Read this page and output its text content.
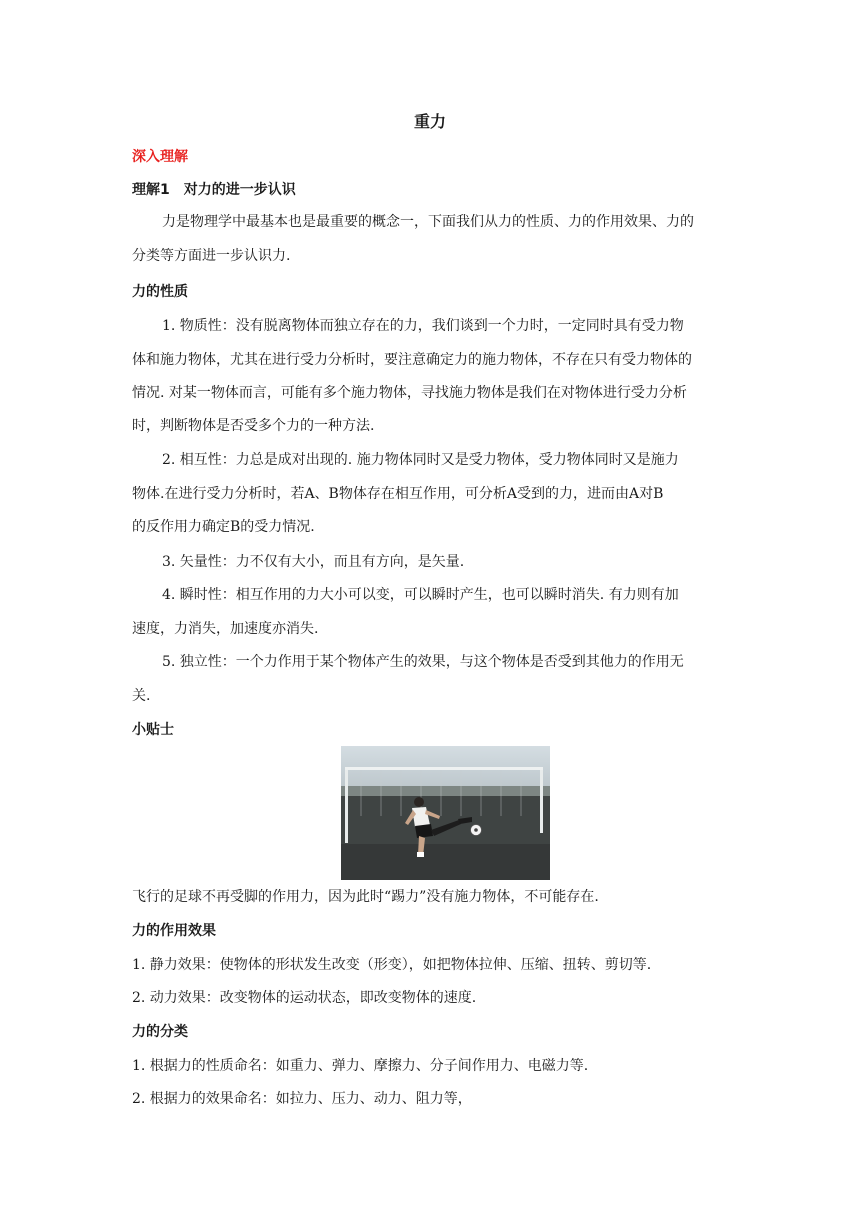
重力
深入理解
理解1　对力的进一步认识
力是物理学中最基本也是最重要的概念一，下面我们从力的性质、力的作用效果、力的
分类等方面进一步认识力.
力的性质
1. 物质性：没有脱离物体而独立存在的力，我们谈到一个力时，一定同时具有受力物
体和施力物体，尤其在进行受力分析时，要注意确定力的施力物体，不存在只有受力物体的
情况. 对某一物体而言，可能有多个施力物体，寻找施力物体是我们在对物体进行受力分析
时，判断物体是否受多个力的一种方法.
2. 相互性：力总是成对出现的. 施力物体同时又是受力物体，受力物体同时又是施力
物体.在进行受力分析时，若A、B物体存在相互作用，可分析A受到的力，进而由A对B
的反作用力确定B的受力情况.
3. 矢量性：力不仅有大小，而且有方向，是矢量.
4. 瞬时性：相互作用的力大小可以变，可以瞬时产生，也可以瞬时消失. 有力则有加
速度，力消失，加速度亦消失.
5. 独立性：一个力作用于某个物体产生的效果，与这个物体是否受到其他力的作用无
关.
小贴士
飞行的足球不再受脚的作用力，因为此时“踢力”没有施力物体，不可能存在.
力的作用效果
1. 静力效果：使物体的形状发生改变（形变），如把物体拉伸、压缩、扭转、剪切等.
2. 动力效果：改变物体的运动状态，即改变物体的速度.
力的分类
1. 根据力的性质命名：如重力、弹力、摩擦力、分子间作用力、电磁力等.
2. 根据力的效果命名：如拉力、压力、动力、阻力等，
